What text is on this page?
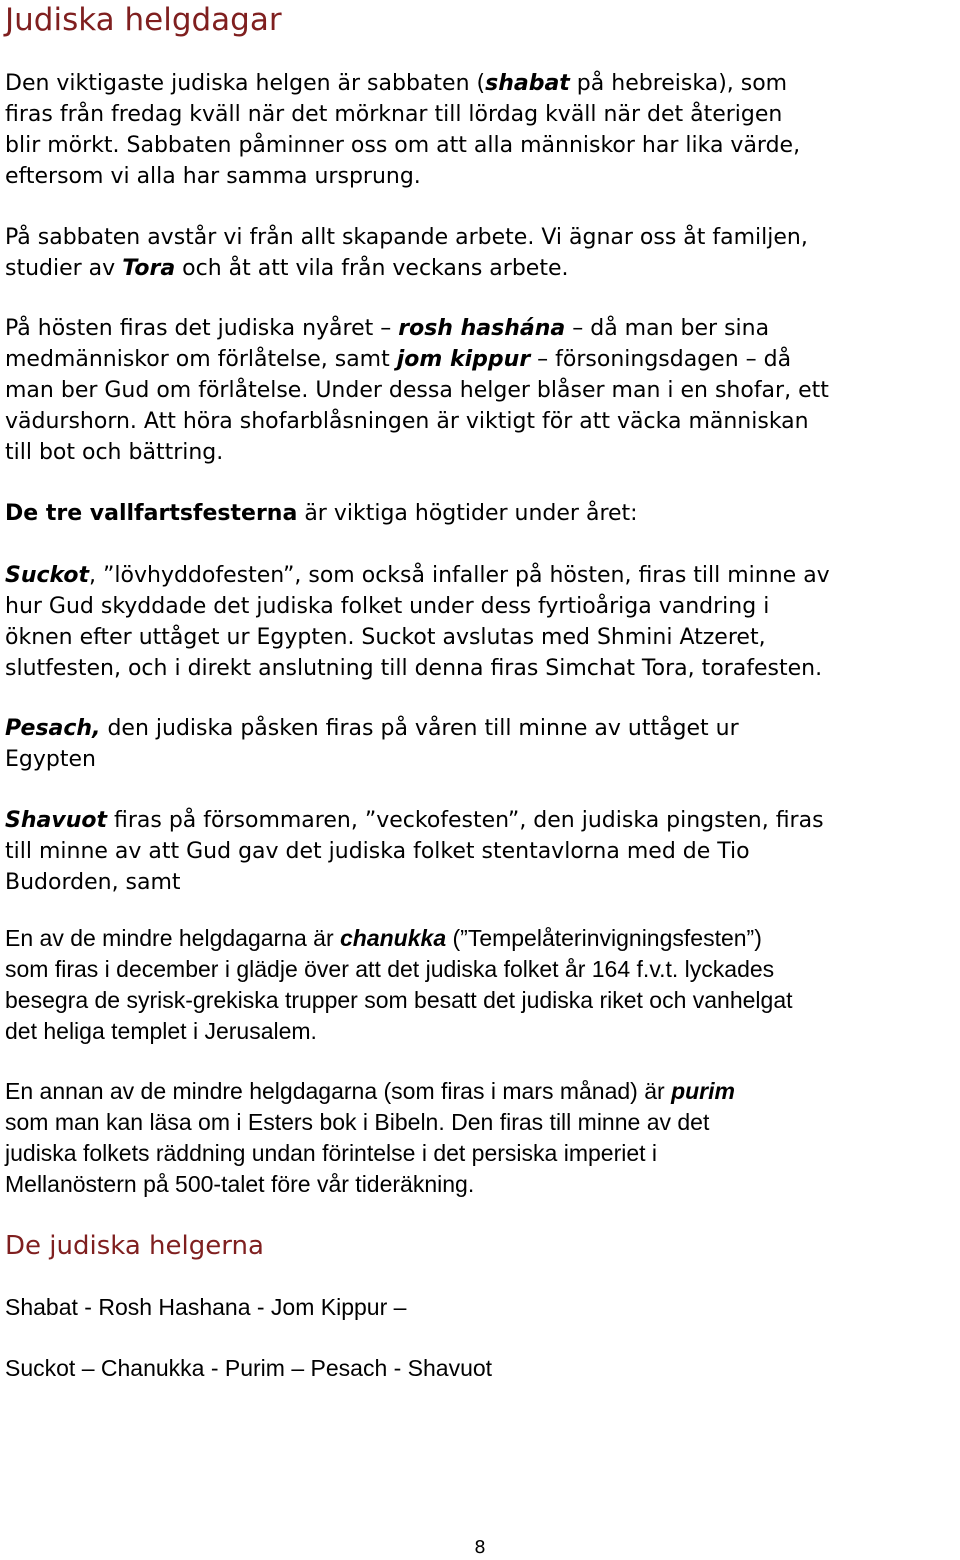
Judiska helgdagar

Den viktigaste judiska helgen är sabbaten (shabat på hebreiska), som
firas från fredag kväll när det mörknar till lördag kväll när det återigen
blir mörkt. Sabbaten påminner oss om att alla människor har lika värde,
eftersom vi alla har samma ursprung.

På sabbaten avstår vi från allt skapande arbete. Vi ägnar oss åt familjen,
studier av Tora och åt att vila från veckans arbete.

På hösten firas det judiska nyåret – rosh hashána – då man ber sina
medmänniskor om förlåtelse, samt jom kippur – försoningsdagen – då
man ber Gud om förlåtelse. Under dessa helger blåser man i en shofar, ett
vädurshorn. Att höra shofarblåsningen är viktigt för att väcka människan
till bot och bättring.

De tre vallfartsfesterna är viktiga högtider under året:

Suckot, ”lövhyddofesten”, som också infaller på hösten, firas till minne av
hur Gud skyddade det judiska folket under dess fyrtioåriga vandring i
öknen efter uttåget ur Egypten. Suckot avslutas med Shmini Atzeret,
slutfesten, och i direkt anslutning till denna firas Simchat Tora, torafesten.

Pesach, den judiska påsken firas på våren till minne av uttåget ur
Egypten

Shavuot firas på försommaren, ”veckofesten”, den judiska pingsten, firas
till minne av att Gud gav det judiska folket stentavlorna med de Tio
Budorden, samt

En av de mindre helgdagarna är chanukka (”Tempelåterinvigningsfesten”)
som firas i december i glädje över att det judiska folket år 164 f.v.t. lyckades
besegra de syrisk-grekiska trupper som besatt det judiska riket och vanhelgat
det heliga templet i Jerusalem.

En annan av de mindre helgdagarna (som firas i mars månad) är purim
som man kan läsa om i Esters bok i Bibeln. Den firas till minne av det
judiska folkets räddning undan förintelse i det persiska imperiet i
Mellanöstern på 500-talet före vår tideräkning.

De judiska helgerna

Shabat - Rosh Hashana - Jom Kippur –

Suckot – Chanukka - Purim – Pesach - Shavuot

8
